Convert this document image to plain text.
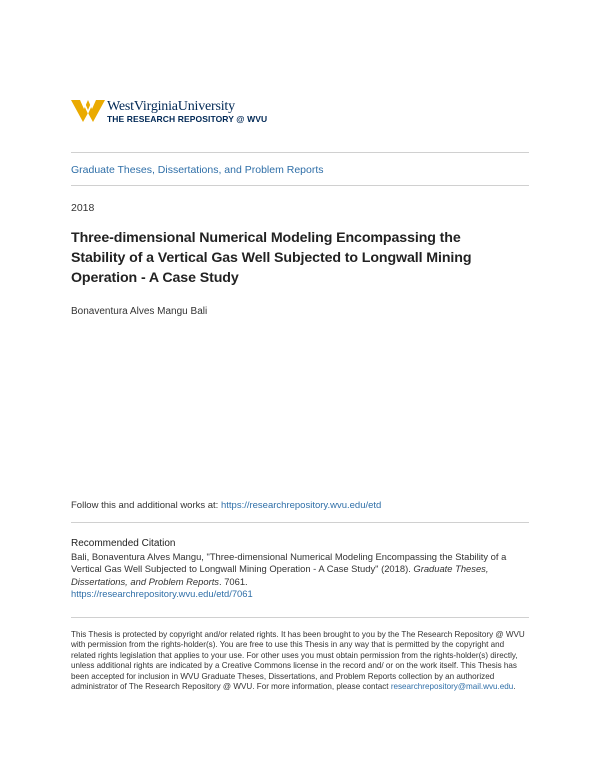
WestVirginiaUniversity
THE RESEARCH REPOSITORY @ WVU
Graduate Theses, Dissertations, and Problem Reports
2018
Three-dimensional Numerical Modeling Encompassing the Stability of a Vertical Gas Well Subjected to Longwall Mining Operation - A Case Study
Bonaventura Alves Mangu Bali
Follow this and additional works at: https://researchrepository.wvu.edu/etd
Recommended Citation
Bali, Bonaventura Alves Mangu, "Three-dimensional Numerical Modeling Encompassing the Stability of a Vertical Gas Well Subjected to Longwall Mining Operation - A Case Study" (2018). Graduate Theses, Dissertations, and Problem Reports. 7061.
https://researchrepository.wvu.edu/etd/7061
This Thesis is protected by copyright and/or related rights. It has been brought to you by the The Research Repository @ WVU with permission from the rights-holder(s). You are free to use this Thesis in any way that is permitted by the copyright and related rights legislation that applies to your use. For other uses you must obtain permission from the rights-holder(s) directly, unless additional rights are indicated by a Creative Commons license in the record and/ or on the work itself. This Thesis has been accepted for inclusion in WVU Graduate Theses, Dissertations, and Problem Reports collection by an authorized administrator of The Research Repository @ WVU. For more information, please contact researchrepository@mail.wvu.edu.
